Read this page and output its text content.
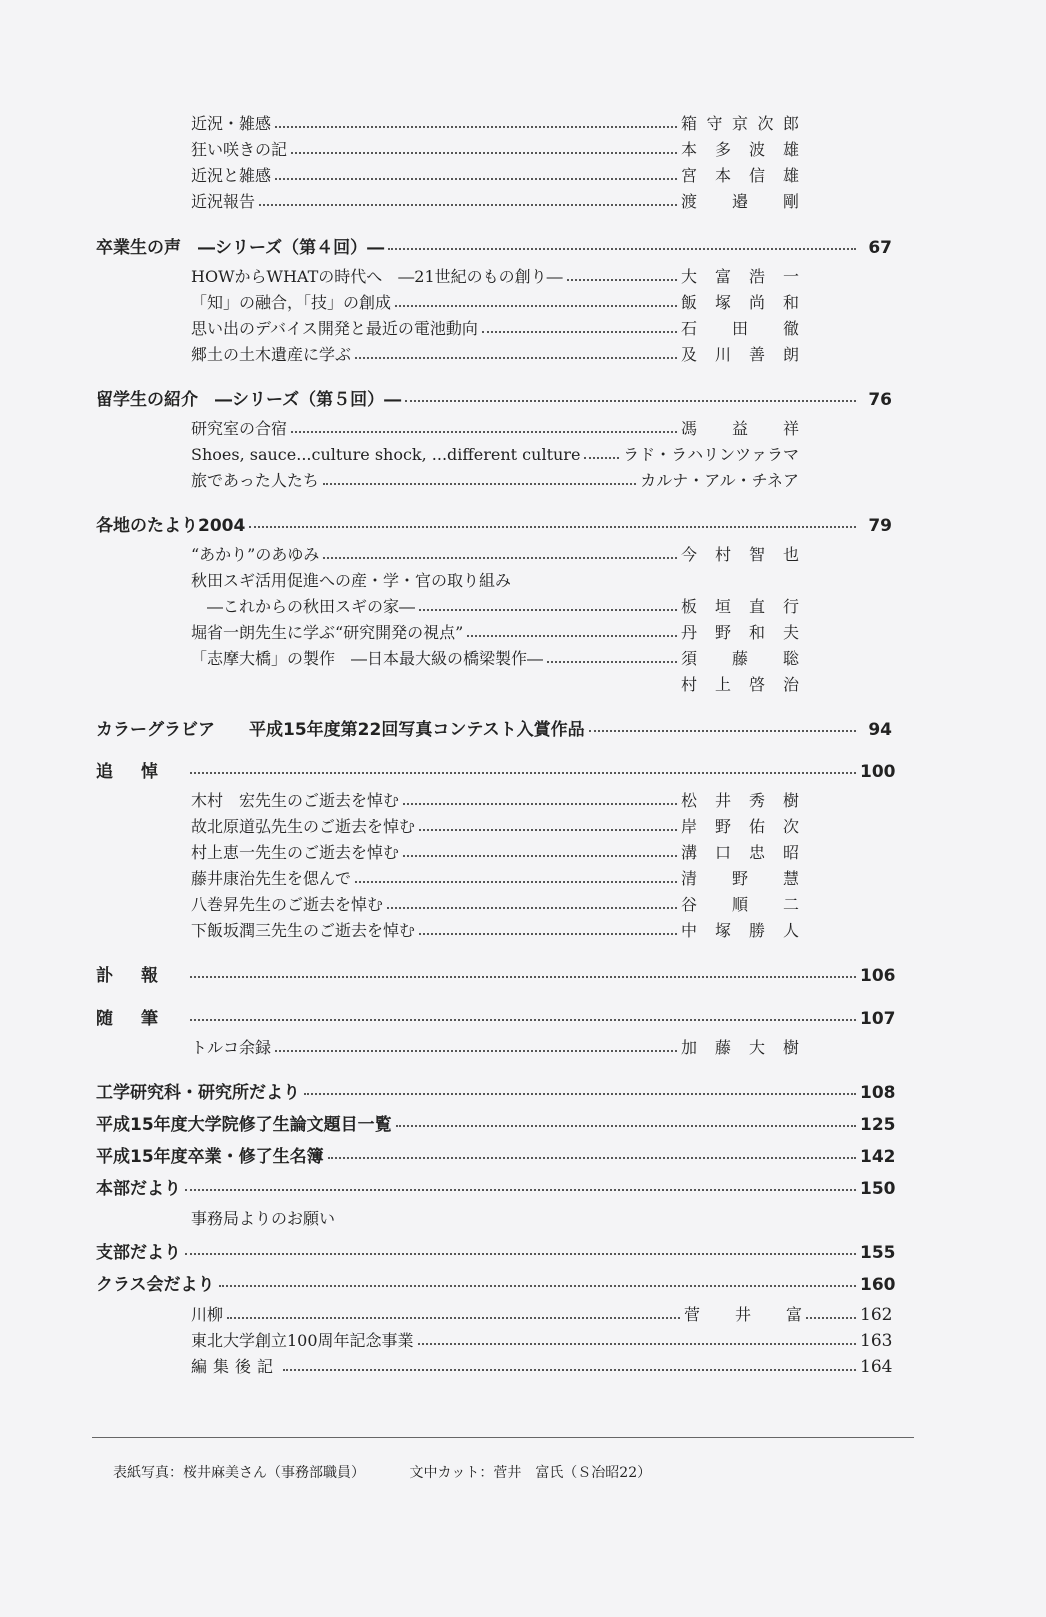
近況・雑感	箱 守 京 次 郎
狂い咲きの記	本 多 波 雄
近況と雑感	宮 本 信 雄
近況報告	渡 邉 剛
卒業生の声　―シリーズ（第４回）―	67
HOWからWHATの時代へ　―21世紀のもの創り―	大 富 浩 一
「知」の融合，「技」の創成	飯 塚 尚 和
思い出のデバイス開発と最近の電池動向	石 田 徹
郷土の土木遺産に学ぶ	及 川 善 朗
留学生の紹介　―シリーズ（第５回）―	76
研究室の合宿	馮 益 祥
Shoes, sauce...culture shock, ...different culture	ラド・ラハリンツァラマ
旅であった人たち	カルナ・アル・チネア
各地のたより2004	79
“あかり”のあゆみ	今 村 智 也
秋田スギ活用促進への産・学・官の取り組み
―これからの秋田スギの家―	板 垣 直 行
堀省一朗先生に学ぶ“研究開発の視点”	丹 野 和 夫
「志摩大橋」の製作　―日本最大級の橋梁製作―	須 藤 聡
村 上 啓 治
カラーグラビア　　平成15年度第22回写真コンテスト入賞作品	94
追悼	100
木村　宏先生のご逝去を悼む	松 井 秀 樹
故北原道弘先生のご逝去を悼む	岸 野 佑 次
村上恵一先生のご逝去を悼む	溝 口 忠 昭
藤井康治先生を偲んで	清 野 慧
八巻昇先生のご逝去を悼む	谷 順 二
下飯坂潤三先生のご逝去を悼む	中 塚 勝 人
訃報	106
随筆	107
トルコ余録	加 藤 大 樹
工学研究科・研究所だより	108
平成15年度大学院修了生論文題目一覧	125
平成15年度卒業・修了生名簿	142
本部だより	150
事務局よりのお願い
支部だより	155
クラス会だより	160
川柳	菅 井 富	162
東北大学創立100周年記念事業	163
編集後記	164
表紙写真：桜井麻美さん（事務部職員）	文中カット：菅井　富氏（Ｓ冶昭22）
